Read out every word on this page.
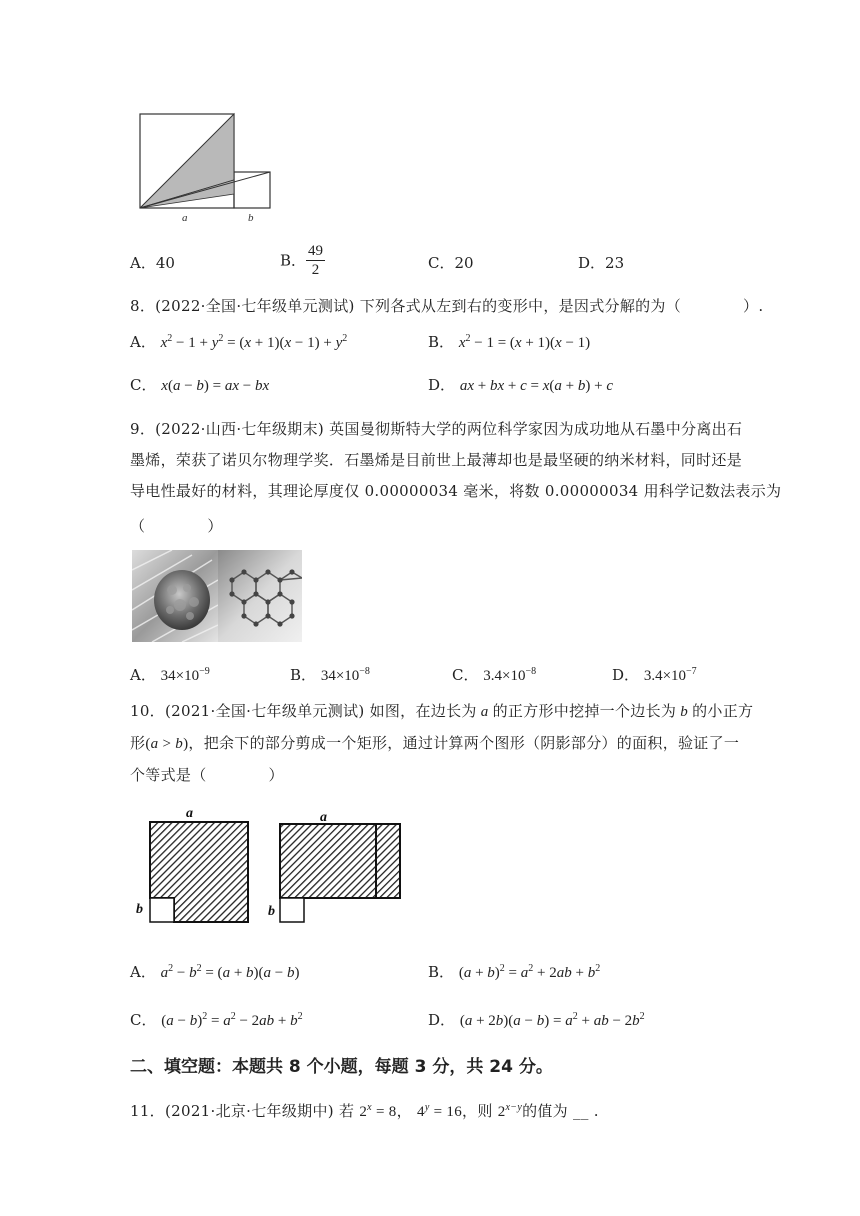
a	b
A．40	B． $\frac{49}{2}$	C．20	D．23
8．(2022·全国·七年级单元测试) 下列各式从左到右的变形中，是因式分解的为（	）.
A． $x^2 - 1 + y^2 = (x + 1)(x - 1) + y^2$	B． $x^2 - 1 = (x + 1)(x - 1)$
C． x(a − b) = ax − bx	D． ax + bx + c = x(a + b) + c
9．(2022·山西·七年级期末) 英国曼彻斯特大学的两位科学家因为成功地从石墨中分离出石
墨烯，荣获了诺贝尔物理学奖．石墨烯是目前世上最薄却也是最坚硬的纳米材料，同时还是
导电性最好的材料，其理论厚度仅 0.00000034 毫米，将数 0.00000034 用科学记数法表示为
（	）
A． $34\times 10^{-9}$	B． $34\times 10^{-8}$	C． $3.4\times 10^{-8}$	D． $3.4\times 10^{-7}$
10．(2021·全国·七年级单元测试) 如图，在边长为 a 的正方形中挖掉一个边长为 b 的小正方
形(a > b)，把余下的部分剪成一个矩形，通过计算两个图形（阴影部分）的面积，验证了一
个等式是（	）
a
b
a
b
A． $a^2 - b^2 = (a + b)(a - b)$	B． $(a + b)^2 = a^2 + 2ab + b^2$
C． $(a - b)^2 = a^2 - 2ab + b^2$	D． $(a + 2b)(a - b) = a^2$ + ab − $2b^2$
二、填空题：本题共 8 个小题，每题 3 分，共 24 分。
11．(2021·北京·七年级期中) 若 $2^x = 8$， $4^y = 16$，则 $2^{x-y}$的值为 __ .
